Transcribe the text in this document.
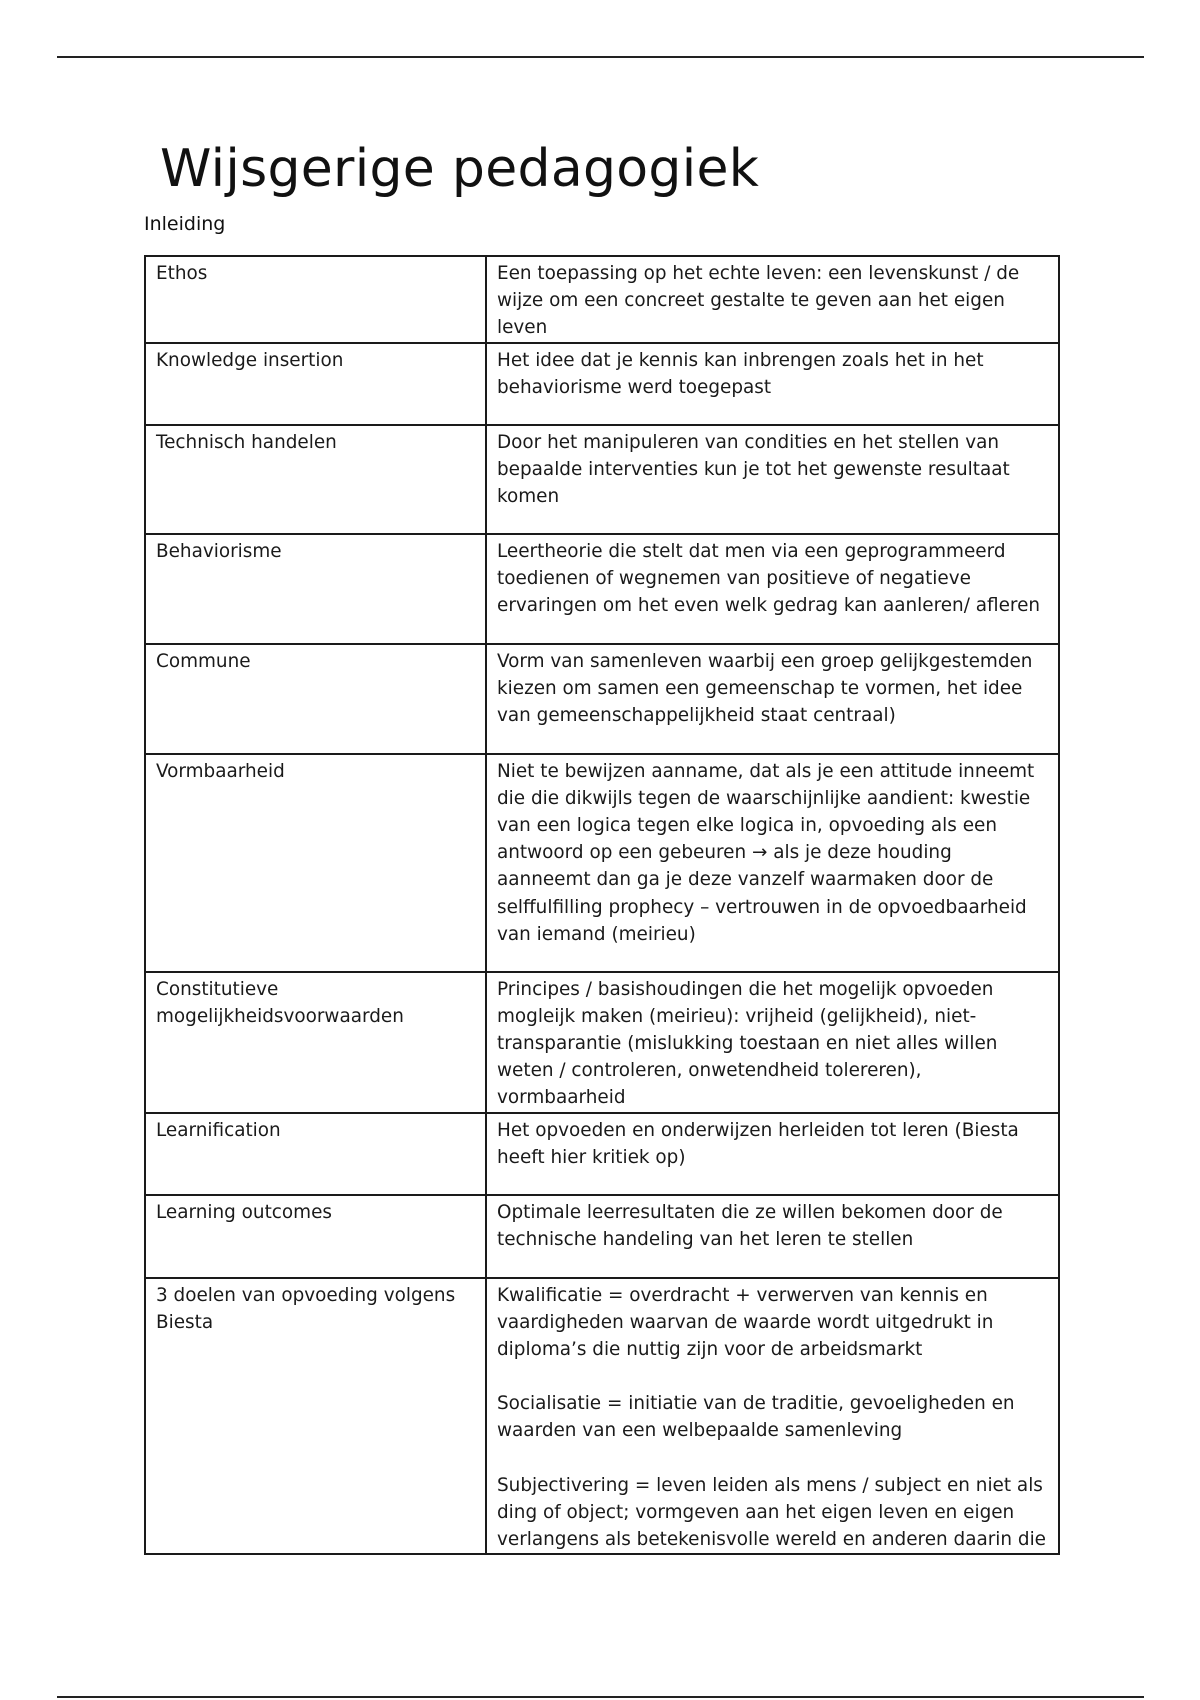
Wijsgerige pedagogiek

Inleiding

Ethos	Een toepassing op het echte leven: een levenskunst / de wijze om een concreet gestalte te geven aan het eigen leven

Knowledge insertion	Het idee dat je kennis kan inbrengen zoals het in het behaviorisme werd toegepast

Technisch handelen	Door het manipuleren van condities en het stellen van bepaalde interventies kun je tot het gewenste resultaat komen

Behaviorisme	Leertheorie die stelt dat men via een geprogrammeerd toedienen of wegnemen van positieve of negatieve ervaringen om het even welk gedrag kan aanleren/ afleren

Commune	Vorm van samenleven waarbij een groep gelijkgestemden kiezen om samen een gemeenschap te vormen, het idee van gemeenschappelijkheid staat centraal)

Vormbaarheid	Niet te bewijzen aanname, dat als je een attitude inneemt die die dikwijls tegen de waarschijnlijke aandient: kwestie van een logica tegen elke logica in, opvoeding als een antwoord op een gebeuren → als je deze houding aanneemt dan ga je deze vanzelf waarmaken door de selffulfilling prophecy – vertrouwen in de opvoedbaarheid van iemand (meirieu)

Constitutieve mogelijkheidsvoorwaarden	Principes / basishoudingen die het mogelijk opvoeden mogleijk maken (meirieu): vrijheid (gelijkheid), niet-transparantie (mislukking toestaan en niet alles willen weten / controleren, onwetendheid tolereren), vormbaarheid

Learnification	Het opvoeden en onderwijzen herleiden tot leren (Biesta heeft hier kritiek op)

Learning outcomes	Optimale leerresultaten die ze willen bekomen door de technische handeling van het leren te stellen

3 doelen van opvoeding volgens Biesta	Kwalificatie = overdracht + verwerven van kennis en vaardigheden waarvan de waarde wordt uitgedrukt in diploma’s die nuttig zijn voor de arbeidsmarkt

Socialisatie = initiatie van de traditie, gevoeligheden en waarden van een welbepaalde samenleving

Subjectivering = leven leiden als mens / subject en niet als ding of object; vormgeven aan het eigen leven en eigen verlangens als betekenisvolle wereld en anderen daarin die
